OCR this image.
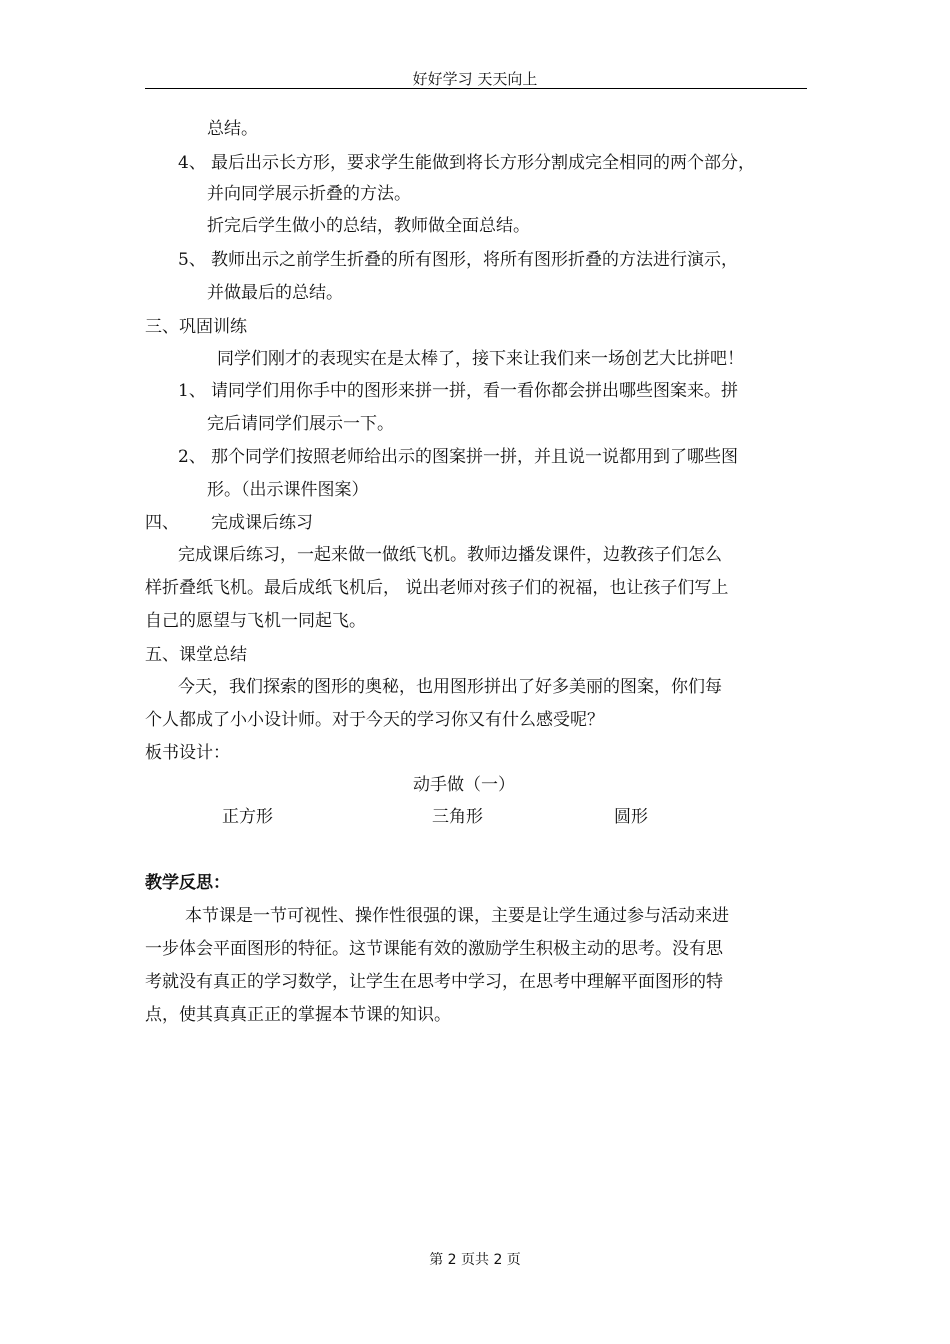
好好学习 天天向上
总结。
4、 最后出示长方形，要求学生能做到将长方形分割成完全相同的两个部分，
并向同学展示折叠的方法。
折完后学生做小的总结，教师做全面总结。
5、 教师出示之前学生折叠的所有图形，将所有图形折叠的方法进行演示，
并做最后的总结。
三、巩固训练
同学们刚才的表现实在是太棒了，接下来让我们来一场创艺大比拼吧！
1、 请同学们用你手中的图形来拼一拼，看一看你都会拼出哪些图案来。拼
完后请同学们展示一下。
2、 那个同学们按照老师给出示的图案拼一拼，并且说一说都用到了哪些图
形。（出示课件图案）
四、 完成课后练习
完成课后练习，一起来做一做纸飞机。教师边播发课件，边教孩子们怎么
样折叠纸飞机。最后成纸飞机后， 说出老师对孩子们的祝福，也让孩子们写上
自己的愿望与飞机一同起飞。
五、课堂总结
今天，我们探索的图形的奥秘，也用图形拼出了好多美丽的图案，你们每
个人都成了小小设计师。对于今天的学习你又有什么感受呢？
板书设计：
动手做（一）
正方形	三角形	圆形
教学反思：
本节课是一节可视性、操作性很强的课，主要是让学生通过参与活动来进
一步体会平面图形的特征。这节课能有效的激励学生积极主动的思考。没有思
考就没有真正的学习数学，让学生在思考中学习，在思考中理解平面图形的特
点，使其真真正正的掌握本节课的知识。
第 2 页共 2 页
